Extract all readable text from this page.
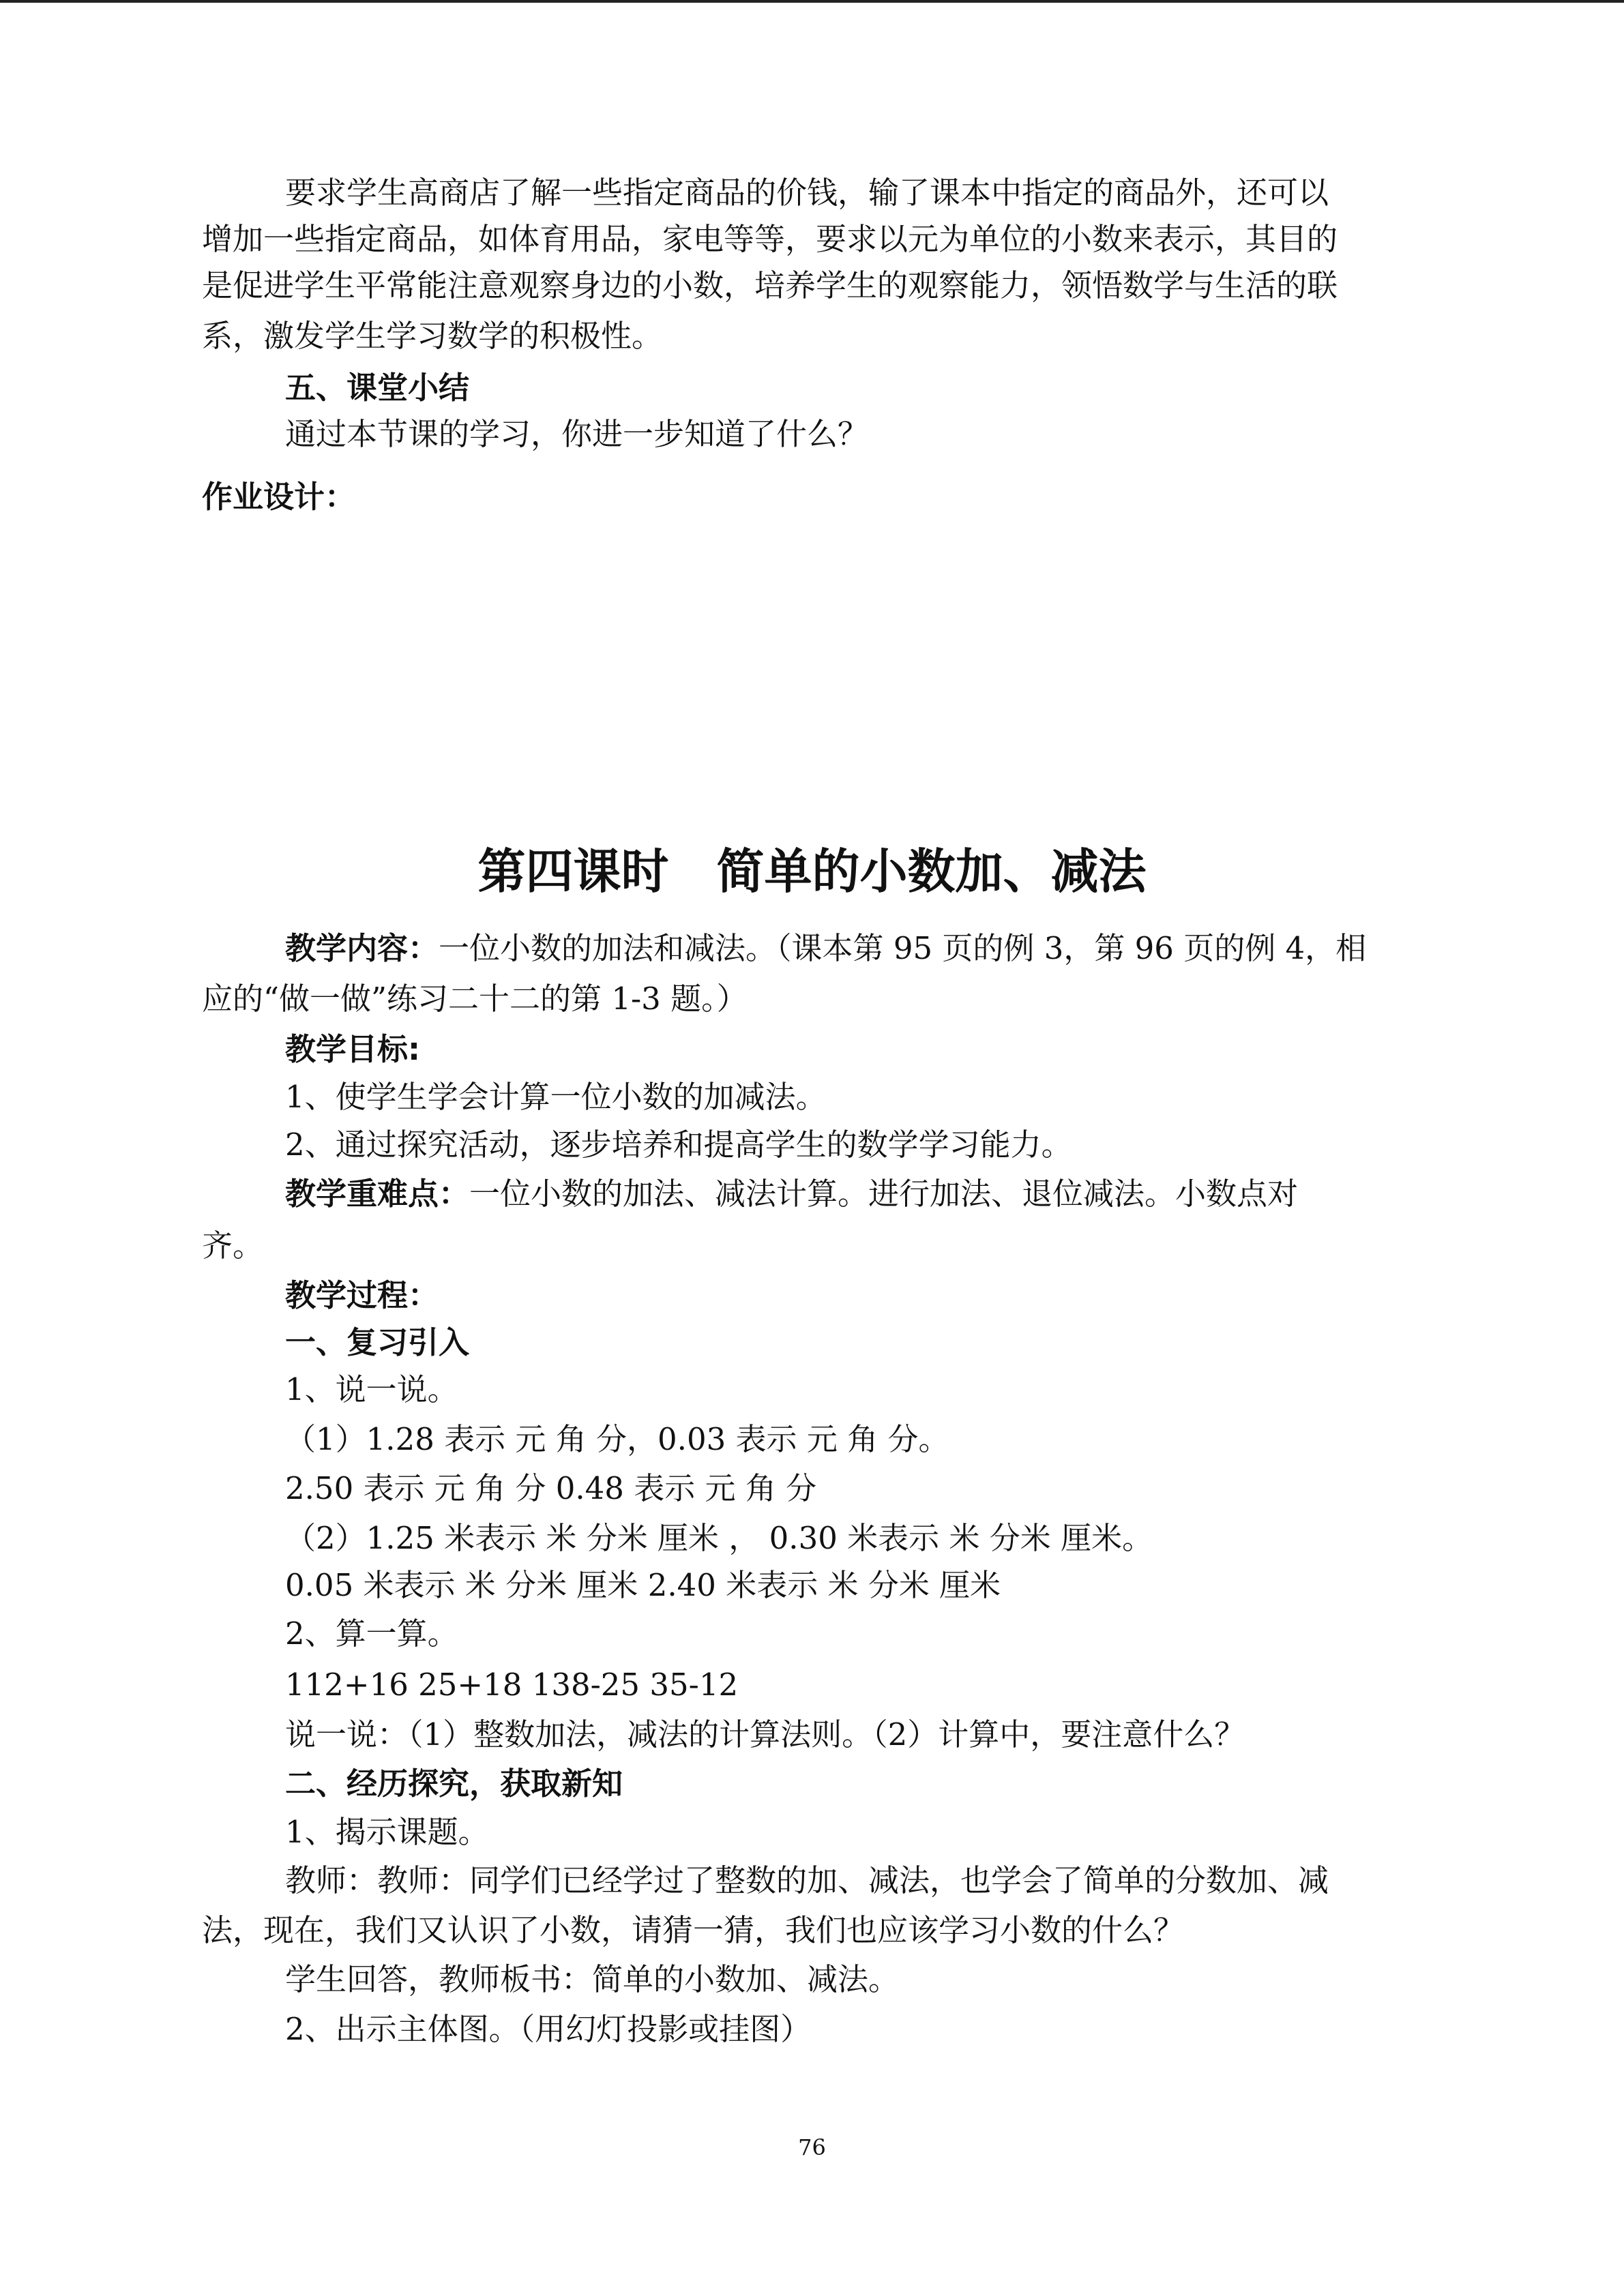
要求学生高商店了解一些指定商品的价钱，输了课本中指定的商品外，还可以
增加一些指定商品，如体育用品，家电等等，要求以元为单位的小数来表示，其目的
是促进学生平常能注意观察身边的小数，培养学生的观察能力，领悟数学与生活的联
系，激发学生学习数学的积极性。
五、课堂小结
通过本节课的学习，你进一步知道了什么？
作业设计：
第四课时 简单的小数加、减法
教学内容：一位小数的加法和减法。（课本第 95 页的例 3，第 96 页的例 4，相
应的“做一做”练习二十二的第 1-3 题。）
教学目标:
1、使学生学会计算一位小数的加减法。
2、通过探究活动，逐步培养和提高学生的数学学习能力。
教学重难点：一位小数的加法、减法计算。进行加法、退位减法。小数点对
齐。
教学过程：
一、复习引入
1、说一说。
（1）1.28 表示 元 角 分，0.03 表示 元 角 分。
2.50 表示 元 角 分 0.48 表示 元 角 分
（2）1.25 米表示 米 分米 厘米 ， 0.30 米表示 米 分米 厘米。
0.05 米表示 米 分米 厘米 2.40 米表示 米 分米 厘米
2、算一算。
112+16 25+18 138-25 35-12
说一说：（1）整数加法，减法的计算法则。（2）计算中，要注意什么？
二、经历探究，获取新知
1、揭示课题。
教师：教师：同学们已经学过了整数的加、减法，也学会了简单的分数加、减
法，现在，我们又认识了小数，请猜一猜，我们也应该学习小数的什么？
学生回答，教师板书：简单的小数加、减法。
2、出示主体图。（用幻灯投影或挂图）
76
